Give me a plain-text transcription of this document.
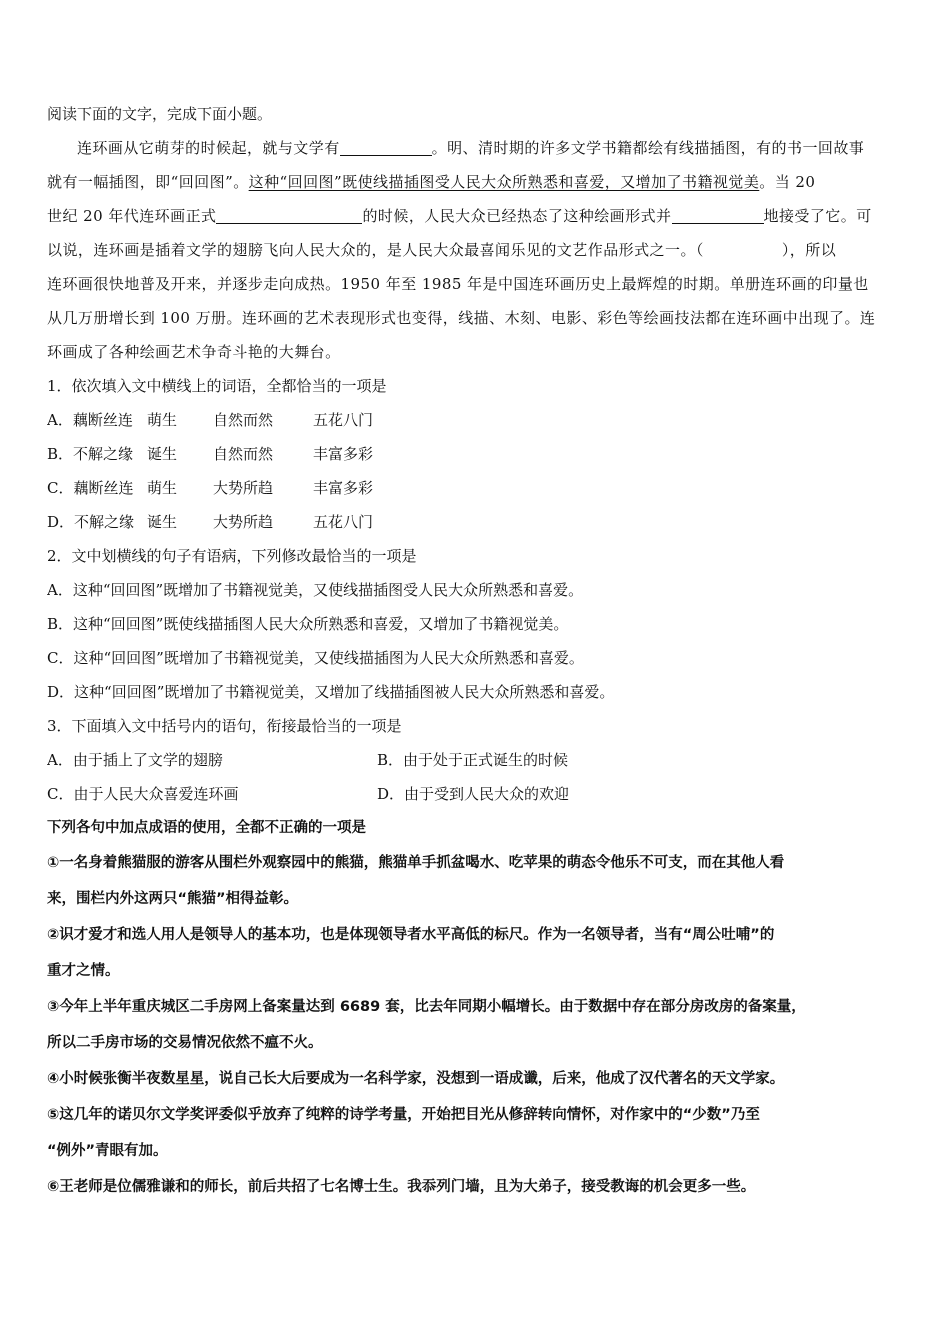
阅读下面的文字，完成下面小题。
连环画从它萌芽的时候起，就与文学有	。明、清时期的许多文学书籍都绘有线描插图，有的书一回故事
就有一幅插图，即“回回图”。这种“回回图”既使线描插图受人民大众所熟悉和喜爱，又增加了书籍视觉美。当 20
世纪 20 年代连环画正式	的时候，人民大众已经热态了这种绘画形式并	地接受了它。可
以说，连环画是插着文学的翅膀飞向人民大众的，是人民大众最喜闻乐见的文艺作品形式之一。（	），所以
连环画很快地普及开来，并逐步走向成热。1950 年至 1985 年是中国连环画历史上最辉煌的时期。单册连环画的印量也
从几万册增长到 100 万册。连环画的艺术表现形式也变得，线描、木刻、电影、彩色等绘画技法都在连环画中出现了。连
环画成了各种绘画艺术争奇斗艳的大舞台。
1．依次填入文中横线上的词语，全都恰当的一项是
A．藕断丝连 萌生 自然而然	五花八门
B．不解之缘 诞生 自然而然	丰富多彩
C．藕断丝连 萌生 大势所趋	丰富多彩
D．不解之缘 诞生 大势所趋	五花八门
2．文中划横线的句子有语病，下列修改最恰当的一项是
A．这种“回回图”既增加了书籍视觉美，又使线描插图受人民大众所熟悉和喜爱。
B．这种“回回图”既使线描插图人民大众所熟悉和喜爱，又增加了书籍视觉美。
C．这种“回回图”既增加了书籍视觉美，又使线描插图为人民大众所熟悉和喜爱。
D．这种“回回图”既增加了书籍视觉美，又增加了线描插图被人民大众所熟悉和喜爱。
3．下面填入文中括号内的语句，衔接最恰当的一项是
A．由于插上了文学的翅膀	B．由于处于正式诞生的时候
C．由于人民大众喜爱连环画	D．由于受到人民大众的欢迎
下列各句中加点成语的使用，全都不正确的一项是
①一名身着熊猫服的游客从围栏外观察园中的熊猫，熊猫单手抓盆喝水、吃苹果的萌态令他乐不可支，而在其他人看
来，围栏内外这两只“熊猫”相得益彰。
②识才爱才和选人用人是领导人的基本功，也是体现领导者水平高低的标尺。作为一名领导者，当有“周公吐哺”的
重才之情。
③今年上半年重庆城区二手房网上备案量达到 6689 套，比去年同期小幅增长。由于数据中存在部分房改房的备案量，
所以二手房市场的交易情况依然不瘟不火。
④小时候张衡半夜数星星，说自己长大后要成为一名科学家，没想到一语成谶，后来，他成了汉代著名的天文学家。
⑤这几年的诺贝尔文学奖评委似乎放弃了纯粹的诗学考量，开始把目光从修辞转向情怀，对作家中的“少数”乃至
“例外”青眼有加。
⑥王老师是位儒雅谦和的师长，前后共招了七名博士生。我忝列门墙，且为大弟子，接受教诲的机会更多一些。
